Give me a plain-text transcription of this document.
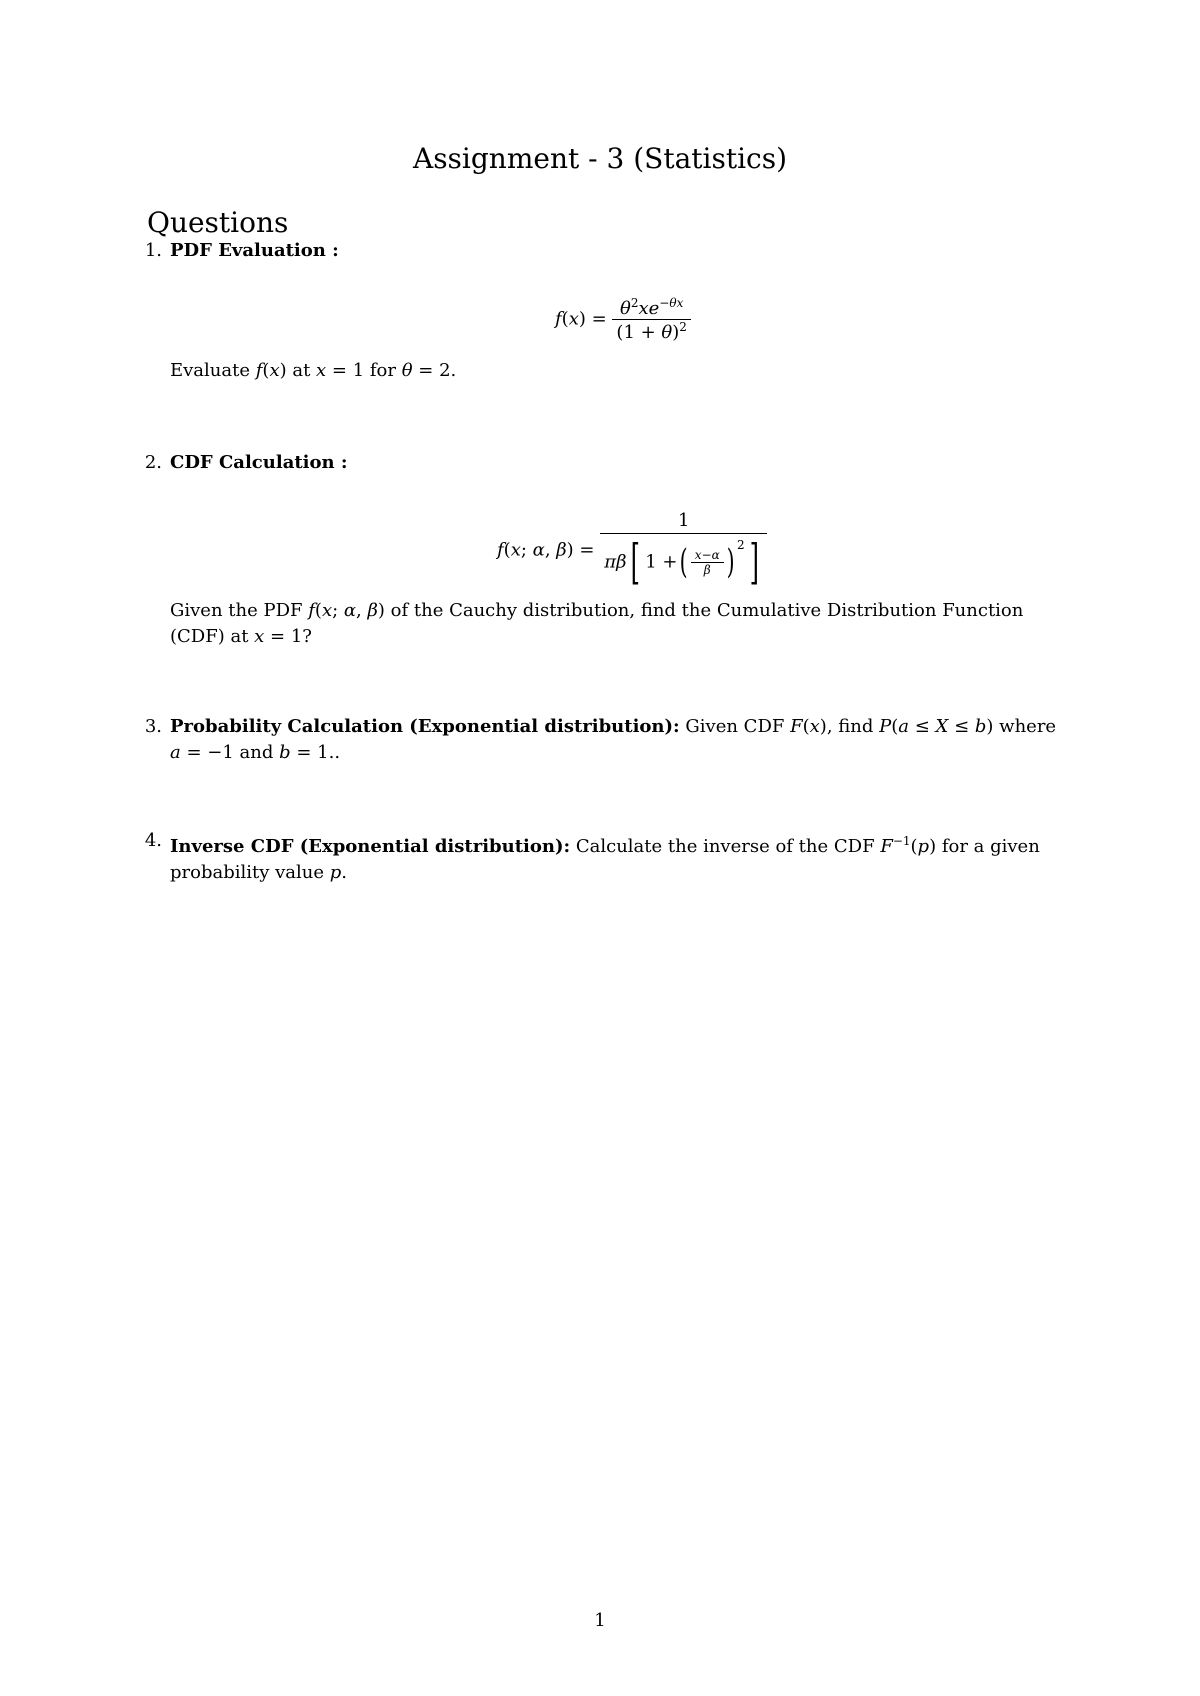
Assignment - 3 (Statistics)
Questions
1. PDF Evaluation :
$f(x) = \frac{\theta^2xe^{-\theta x}}{(1 + \theta)^2}$
Evaluate f(x) at x = 1 for θ = 2.
2. CDF Calculation :
f(x; α, $\beta) = \frac{1}{\pi\beta[ 1 +( \frac{x-\alpha}{\beta} ) ^2]}$
Given the PDF f(x; α, β) of the Cauchy distribution, find the Cumulative Distribution Function (CDF) at x = 1?
3. Probability Calculation (Exponential distribution): Given CDF F(x), find P(a ≤ X ≤ b) where a = −1 and b = 1..
4. Inverse CDF (Exponential distribution): Calculate the inverse of the CDF $F^{-1}(p)$ for a given probability value p.
1
